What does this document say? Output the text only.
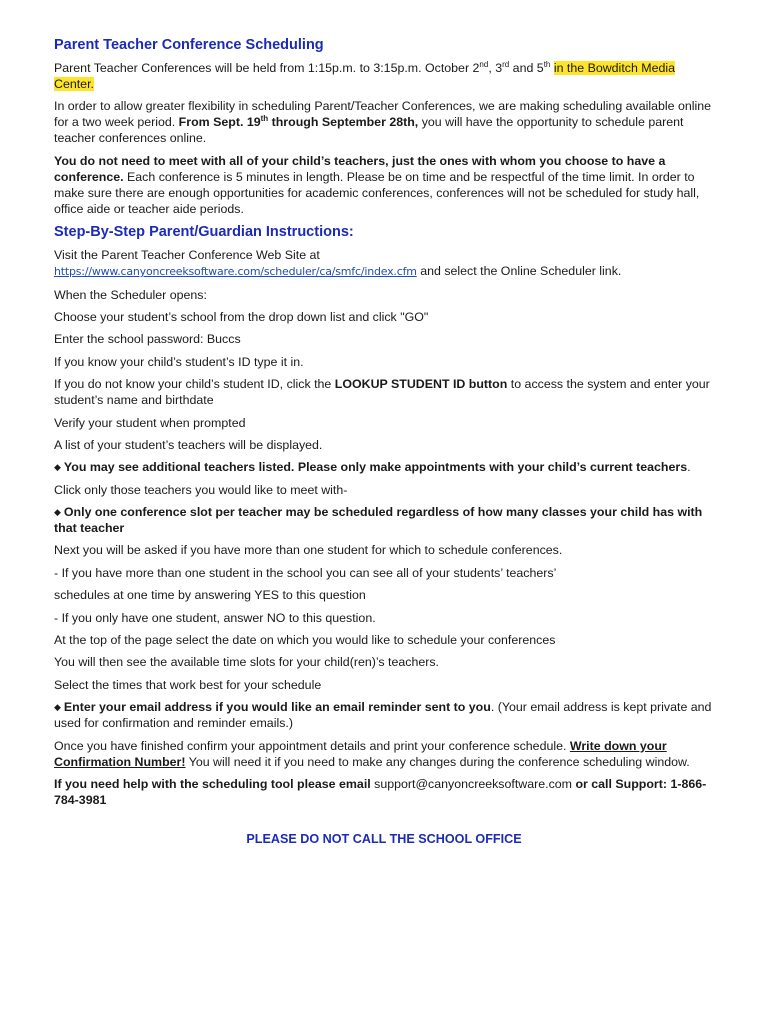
Parent Teacher Conference Scheduling

Parent Teacher Conferences will be held from 1:15p.m. to 3:15p.m. October 2nd, 3rd and 5th in the Bowditch Media Center.

In order to allow greater flexibility in scheduling Parent/Teacher Conferences, we are making scheduling available online for a two week period. From Sept. 19th through September 28th, you will have the opportunity to schedule parent teacher conferences online.

You do not need to meet with all of your child’s teachers, just the ones with whom you choose to have a conference. Each conference is 5 minutes in length. Please be on time and be respectful of the time limit. In order to make sure there are enough opportunities for academic conferences, conferences will not be scheduled for study hall, office aide or teacher aide periods.

Step-By-Step Parent/Guardian Instructions:

Visit the Parent Teacher Conference Web Site at
https://www.canyoncreeksoftware.com/scheduler/ca/smfc/index.cfm and select the Online Scheduler link.

When the Scheduler opens:

Choose your student’s school from the drop down list and click "GO"

Enter the school password: Buccs

If you know your child’s student’s ID type it in.

If you do not know your child’s student ID, click the LOOKUP STUDENT ID button to access the system and enter your student’s name and birthdate

Verify your student when prompted

A list of your student’s teachers will be displayed.

◆ You may see additional teachers listed. Please only make appointments with your child’s current teachers.

Click only those teachers you would like to meet with-

◆ Only one conference slot per teacher may be scheduled regardless of how many classes your child has with that teacher

Next you will be asked if you have more than one student for which to schedule conferences.

- If you have more than one student in the school you can see all of your students’ teachers’

schedules at one time by answering YES to this question

- If you only have one student, answer NO to this question.

At the top of the page select the date on which you would like to schedule your conferences

You will then see the available time slots for your child(ren)’s teachers.

Select the times that work best for your schedule

◆ Enter your email address if you would like an email reminder sent to you. (Your email address is kept private and used for confirmation and reminder emails.)

Once you have finished confirm your appointment details and print your conference schedule. Write down your Confirmation Number! You will need it if you need to make any changes during the conference scheduling window.

If you need help with the scheduling tool please email support@canyoncreeksoftware.com or call Support: 1-866-784-3981

PLEASE DO NOT CALL THE SCHOOL OFFICE
